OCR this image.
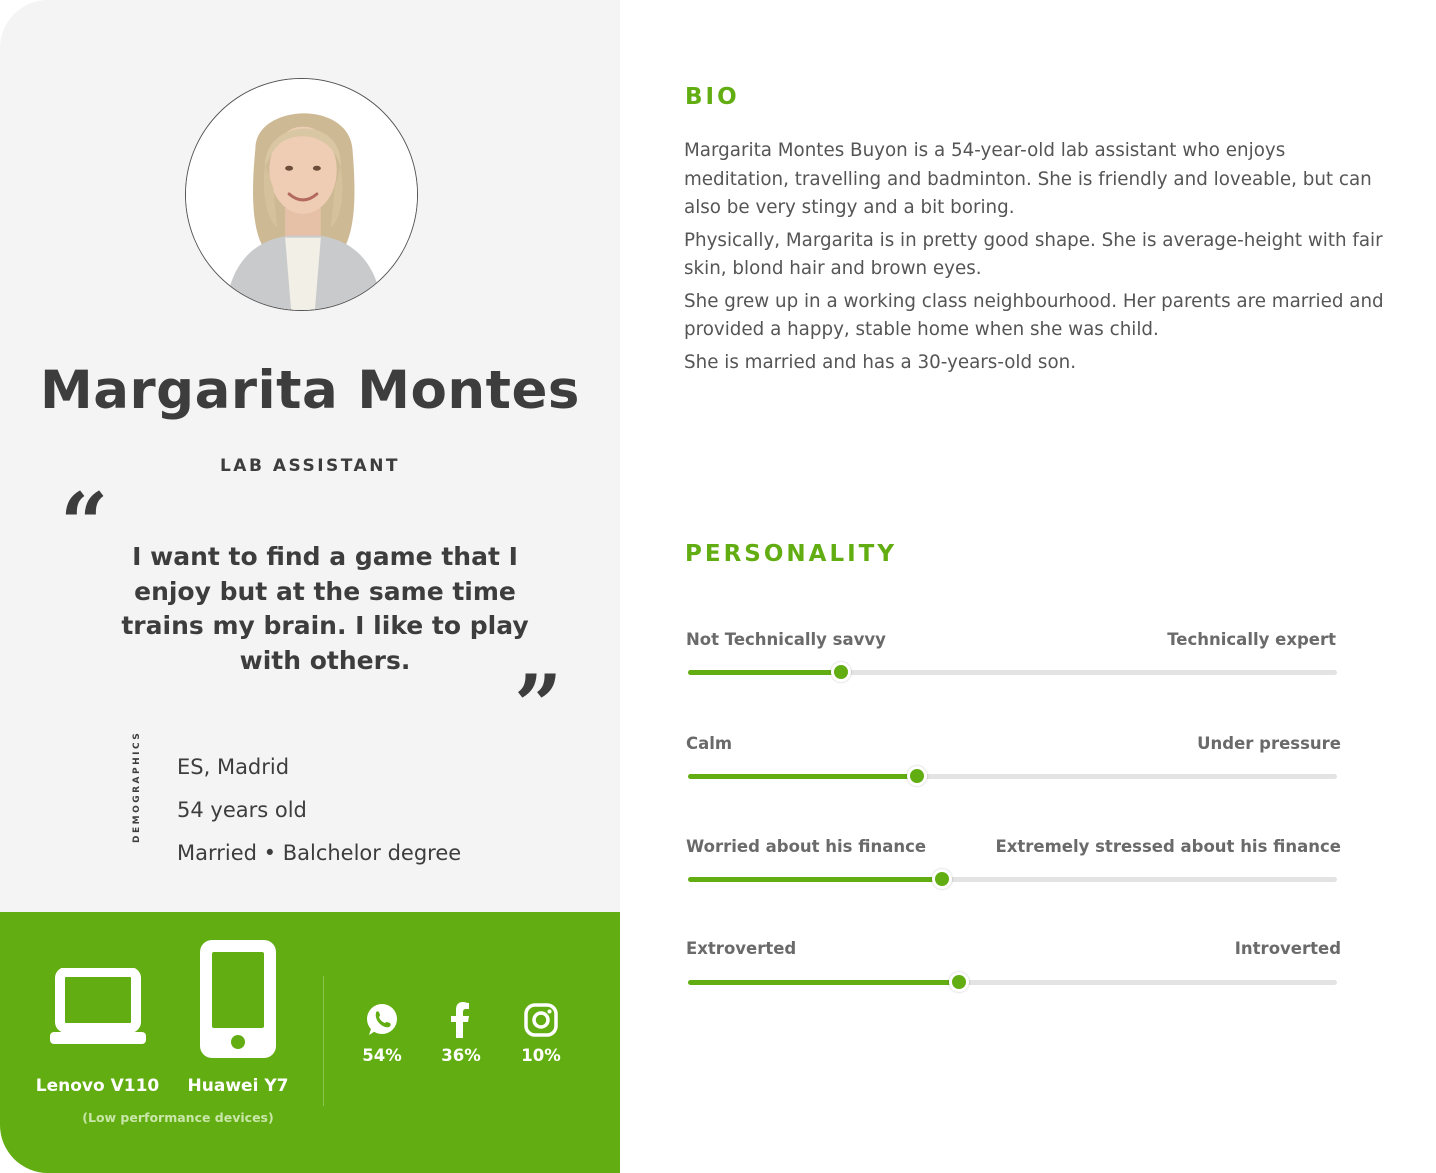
Margarita Montes
LAB ASSISTANT
“ I want to find a game that I enjoy but at the same time trains my brain. I like to play with others.	”
DEMOGRAPHICS ES, Madrid
54 years old
Married • Balchelor degree
Lenovo V110	Huawei Y7
(Low performance devices)
54%	36%	10%
BIO

Margarita Montes Buyon is a 54-year-old lab assistant who enjoys meditation, travelling and badminton. She is friendly and loveable, but can also be very stingy and a bit boring.

Physically, Margarita is in pretty good shape. She is average-height with fair skin, blond hair and brown eyes.

She grew up in a working class neighbourhood. Her parents are married and provided a happy, stable home when she was child.

She is married and has a 30-years-old son.

PERSONALITY
Not Technically savvy	Technically expert
Calm	Under pressure
Worried about his finance	Extremely stressed about his finance
Extroverted	Introverted
